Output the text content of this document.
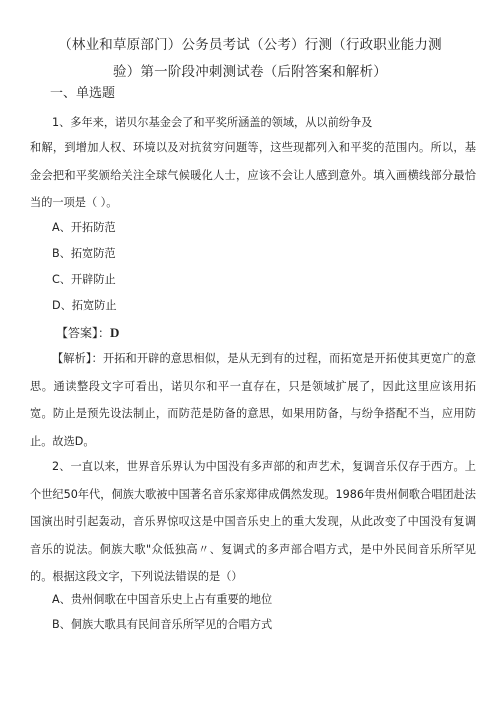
（林业和草原部门）公务员考试（公考）行测（行政职业能力测
验）第一阶段冲刺测试卷（后附答案和解析）
一、单选题

1、多年来，诺贝尔基金会了和平奖所涵盖的领域，从以前纷争及

和解，到增加人权、环境以及对抗贫穷问题等，这些现都列入和平奖的范围内。所以，基金会把和平奖颁给关注全球气候暖化人士，应该不会让人感到意外。填入画横线部分最恰当的一项是（ ）。

A、开拓防范
B、拓宽防范
C、开辟防止
D、拓宽防止
【答案】：D

【解析】：开拓和开辟的意思相似，是从无到有的过程，而拓宽是开拓使其更宽广的意思。通读整段文字可看出，诺贝尔和平一直存在，只是领域扩展了，因此这里应该用拓宽。防止是预先设法制止，而防范是防备的意思，如果用防备，与纷争搭配不当，应用防止。故选D。

2、一直以来，世界音乐界认为中国没有多声部的和声艺术，复调音乐仅存于西方。上个世纪50年代，侗族大歌被中国著名音乐家郑律成偶然发现。1986年贵州侗歌合唱团赴法国演出时引起轰动，音乐界惊叹这是中国音乐史上的重大发现，从此改变了中国没有复调音乐的说法。侗族大歌"众低独高〃、复调式的多声部合唱方式，是中外民间音乐所罕见的。根据这段文字，下列说法错误的是（）

A、贵州侗歌在中国音乐史上占有重要的地位
B、侗族大歌具有民间音乐所罕见的合唱方式
